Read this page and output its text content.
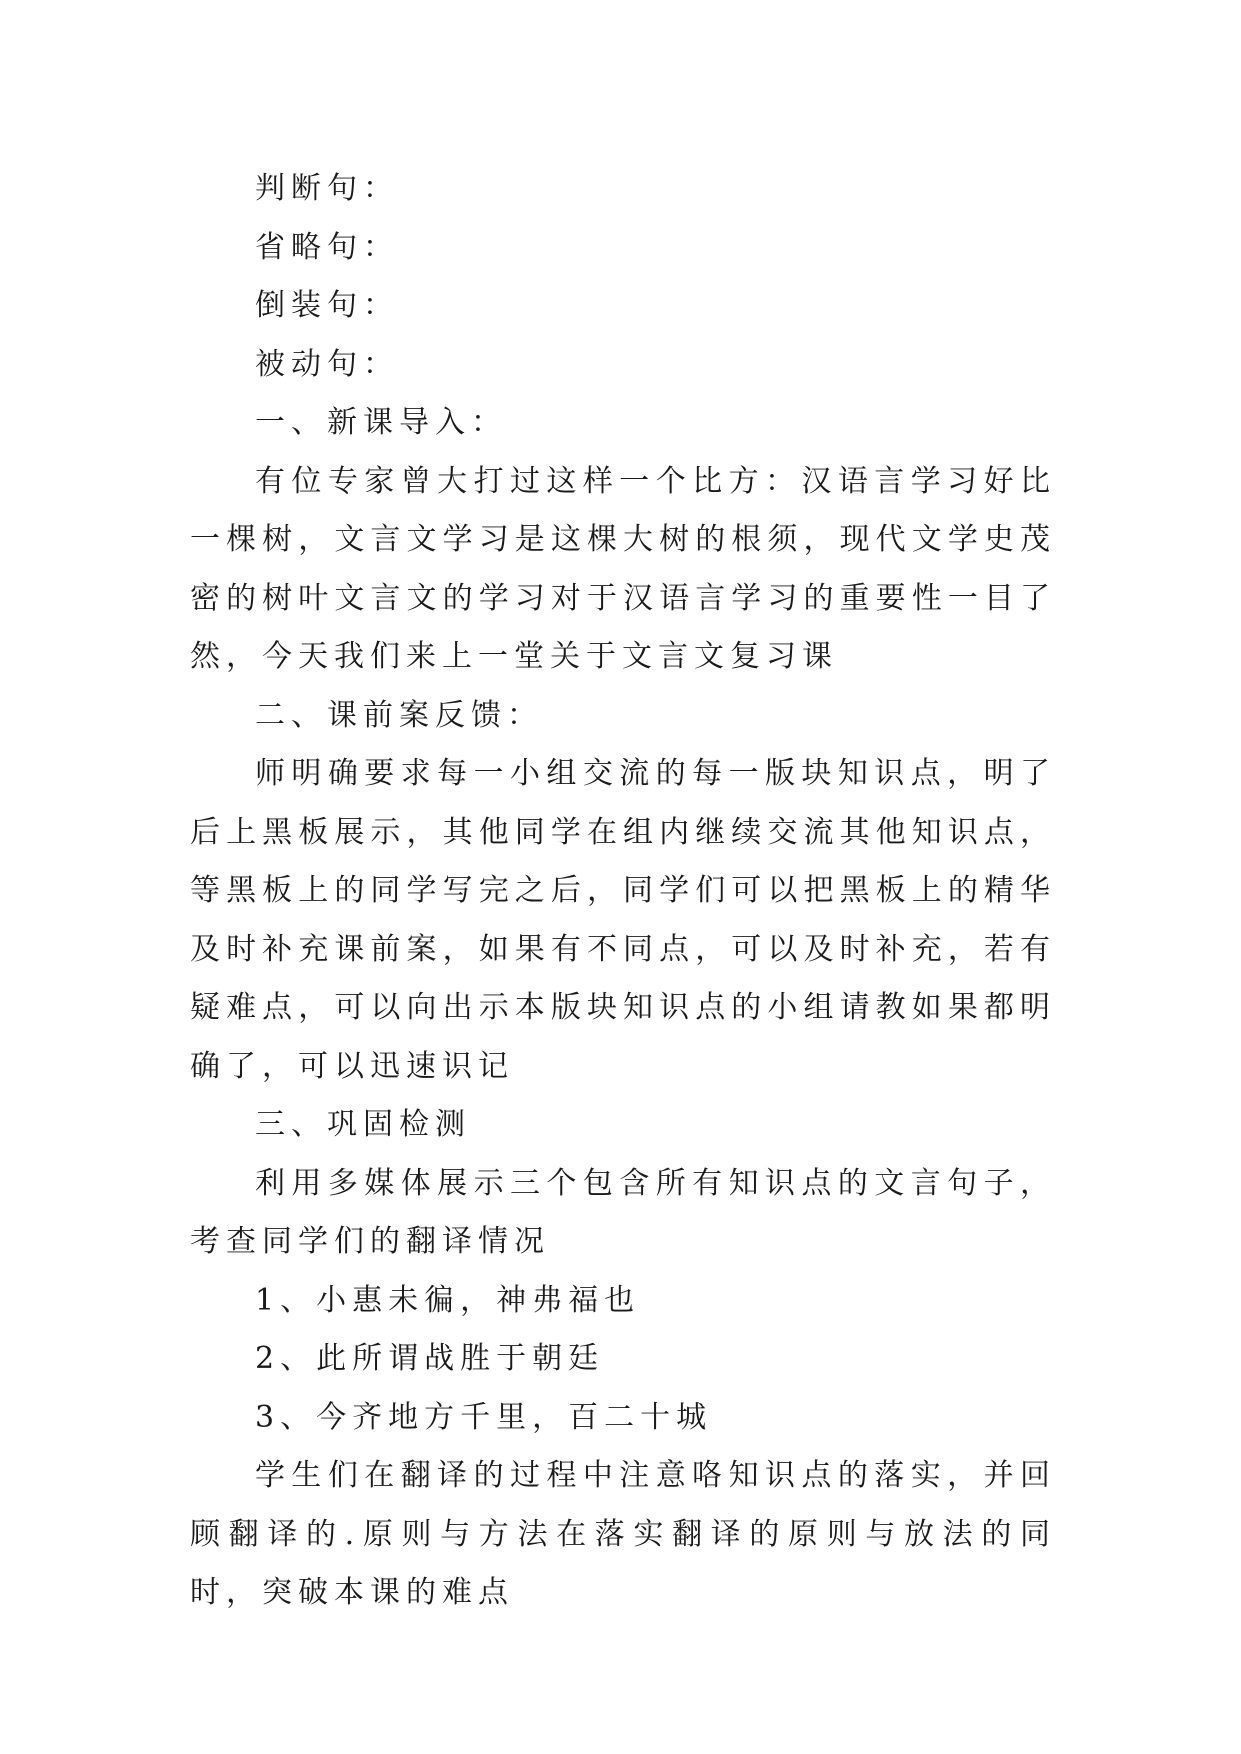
判断句：
省略句：
倒装句：
被动句：
一、新课导入：

有位专家曾大打过这样一个比方：汉语言学习好比一棵树，文言文学习是这棵大树的根须，现代文学史茂密的树叶文言文的学习对于汉语言学习的重要性一目了然，今天我们来上一堂关于文言文复习课

二、课前案反馈：

师明确要求每一小组交流的每一版块知识点，明了后上黑板展示，其他同学在组内继续交流其他知识点，等黑板上的同学写完之后，同学们可以把黑板上的精华及时补充课前案，如果有不同点，可以及时补充，若有疑难点，可以向出示本版块知识点的小组请教如果都明确了，可以迅速识记

三、巩固检测

利用多媒体展示三个包含所有知识点的文言句子，考查同学们的翻译情况

1、小惠未徧，神弗福也
2、此所谓战胜于朝廷
3、今齐地方千里，百二十城

学生们在翻译的过程中注意咯知识点的落实，并回顾翻译的.原则与方法在落实翻译的原则与放法的同时，突破本课的难点
